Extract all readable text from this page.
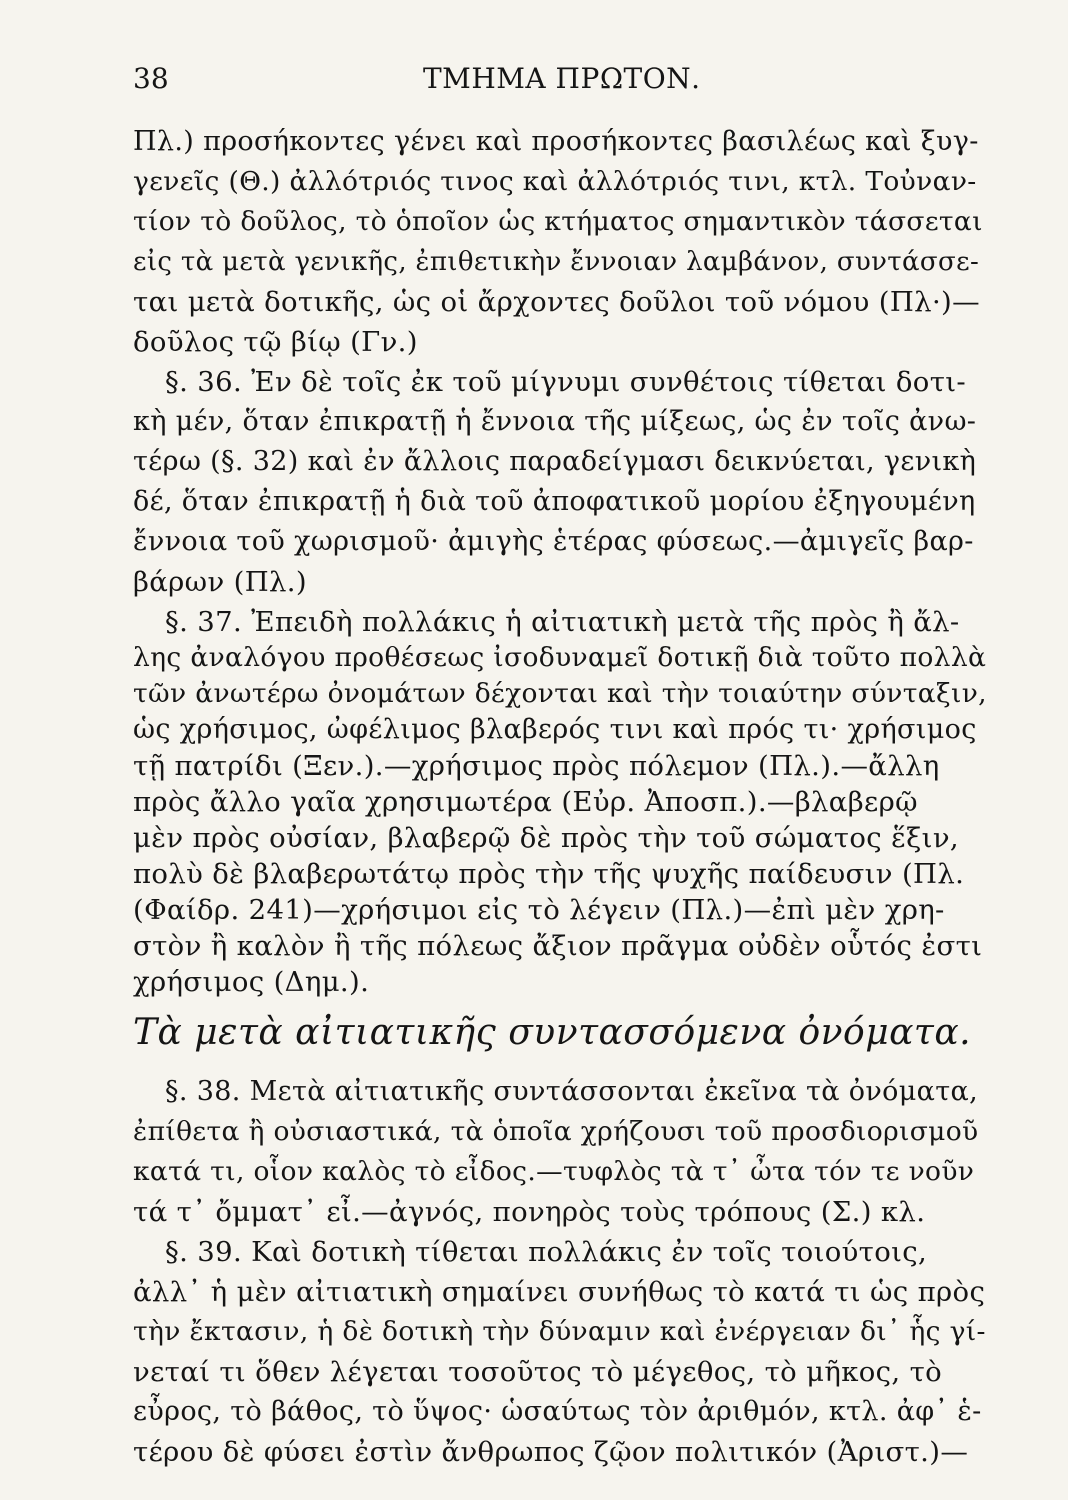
38	ΤΜΗΜΑ ΠΡΩΤΟΝ.
Πλ.) προσήκοντες γένει καὶ προσήκοντες βασιλέως καὶ ξυγ-
γενεῖς (Θ.) ἀλλότριός τινος καὶ ἀλλότριός τινι, κτλ. Τοὐναν-
τίον τὸ δοῦλος, τὸ ὁποῖον ὡς κτήματος σημαντικὸν τάσσεται
εἰς τὰ μετὰ γενικῆς, ἐπιθετικὴν ἔννοιαν λαμβάνον, συντάσσε-
ται μετὰ δοτικῆς, ὡς οἱ ἄρχοντες δοῦλοι τοῦ νόμου (Πλ·)—
δοῦλος τῷ βίῳ (Γν.)
§. 36. Ἐν δὲ τοῖς ἐκ τοῦ μίγνυμι συνθέτοις τίθεται δοτι-
κὴ μέν, ὅταν ἐπικρατῇ ἡ ἔννοια τῆς μίξεως, ὡς ἐν τοῖς ἀνω-
τέρω (§. 32) καὶ ἐν ἄλλοις παραδείγμασι δεικνύεται, γενικὴ
δέ, ὅταν ἐπικρατῇ ἡ διὰ τοῦ ἀποφατικοῦ μορίου ἐξηγουμένη
ἔννοια τοῦ χωρισμοῦ· ἀμιγὴς ἑτέρας φύσεως.—ἀμιγεῖς βαρ-
βάρων (Πλ.)
§. 37. Ἐπειδὴ πολλάκις ἡ αἰτιατικὴ μετὰ τῆς πρὸς ἢ ἄλ-
λης ἀναλόγου προθέσεως ἰσοδυναμεῖ δοτικῇ διὰ τοῦτο πολλὰ
τῶν ἀνωτέρω ὀνομάτων δέχονται καὶ τὴν τοιαύτην σύνταξιν,
ὡς χρήσιμος, ὠφέλιμος βλαβερός τινι καὶ πρός τι· χρήσιμος
τῇ πατρίδι (Ξεν.).—χρήσιμος πρὸς πόλεμον (Πλ.).—ἄλλη
πρὸς ἄλλο γαῖα χρησιμωτέρα (Εὐρ. Ἀποσπ.).—βλαβερῷ
μὲν πρὸς οὐσίαν, βλαβερῷ δὲ πρὸς τὴν τοῦ σώματος ἕξιν,
πολὺ δὲ βλαβερωτάτῳ πρὸς τὴν τῆς ψυχῆς παίδευσιν (Πλ.
(Φαίδρ. 241)—χρήσιμοι εἰς τὸ λέγειν (Πλ.)—ἐπὶ μὲν χρη-
στὸν ἢ καλὸν ἢ τῆς πόλεως ἄξιον πρᾶγμα οὐδὲν οὗτός ἐστι
Τὰ μετὰ αἰτιατικῆς συντασσόμενα ὀνόματα.
§. 38. Μετὰ αἰτιατικῆς συντάσσονται ἐκεῖνα τὰ ὀνόματα,
ἐπίθετα ἢ οὐσιαστικά, τὰ ὁποῖα χρήζουσι τοῦ προσδιορισμοῦ
κατά τι, οἷον καλὸς τὸ εἶδος.—τυφλὸς τὰ τ᾽ ὦτα τόν τε νοῦν
τά τ᾽ ὄμματ᾽ εἶ.—ἀγνός, πονηρὸς τοὺς τρόπους (Σ.) κλ.
§. 39. Καὶ δοτικὴ τίθεται πολλάκις ἐν τοῖς τοιούτοις,
ἀλλ᾽ ἡ μὲν αἰτιατικὴ σημαίνει συνήθως τὸ κατά τι ὡς πρὸς
τὴν ἔκτασιν, ἡ δὲ δοτικὴ τὴν δύναμιν καὶ ἐνέργειαν δι᾽ ἧς γί-
νεταί τι ὅθεν λέγεται τοσοῦτος τὸ μέγεθος, τὸ μῆκος, τὸ
εὖρος, τὸ βάθος, τὸ ὕψος· ὡσαύτως τὸν ἀριθμόν, κτλ. ἀφ᾽ ἑ-
τέρου δὲ φύσει ἐστὶν ἄνθρωπος ζῷον πολιτικόν (Ἀριστ.)—
χρήσιμος (Δημ.).
